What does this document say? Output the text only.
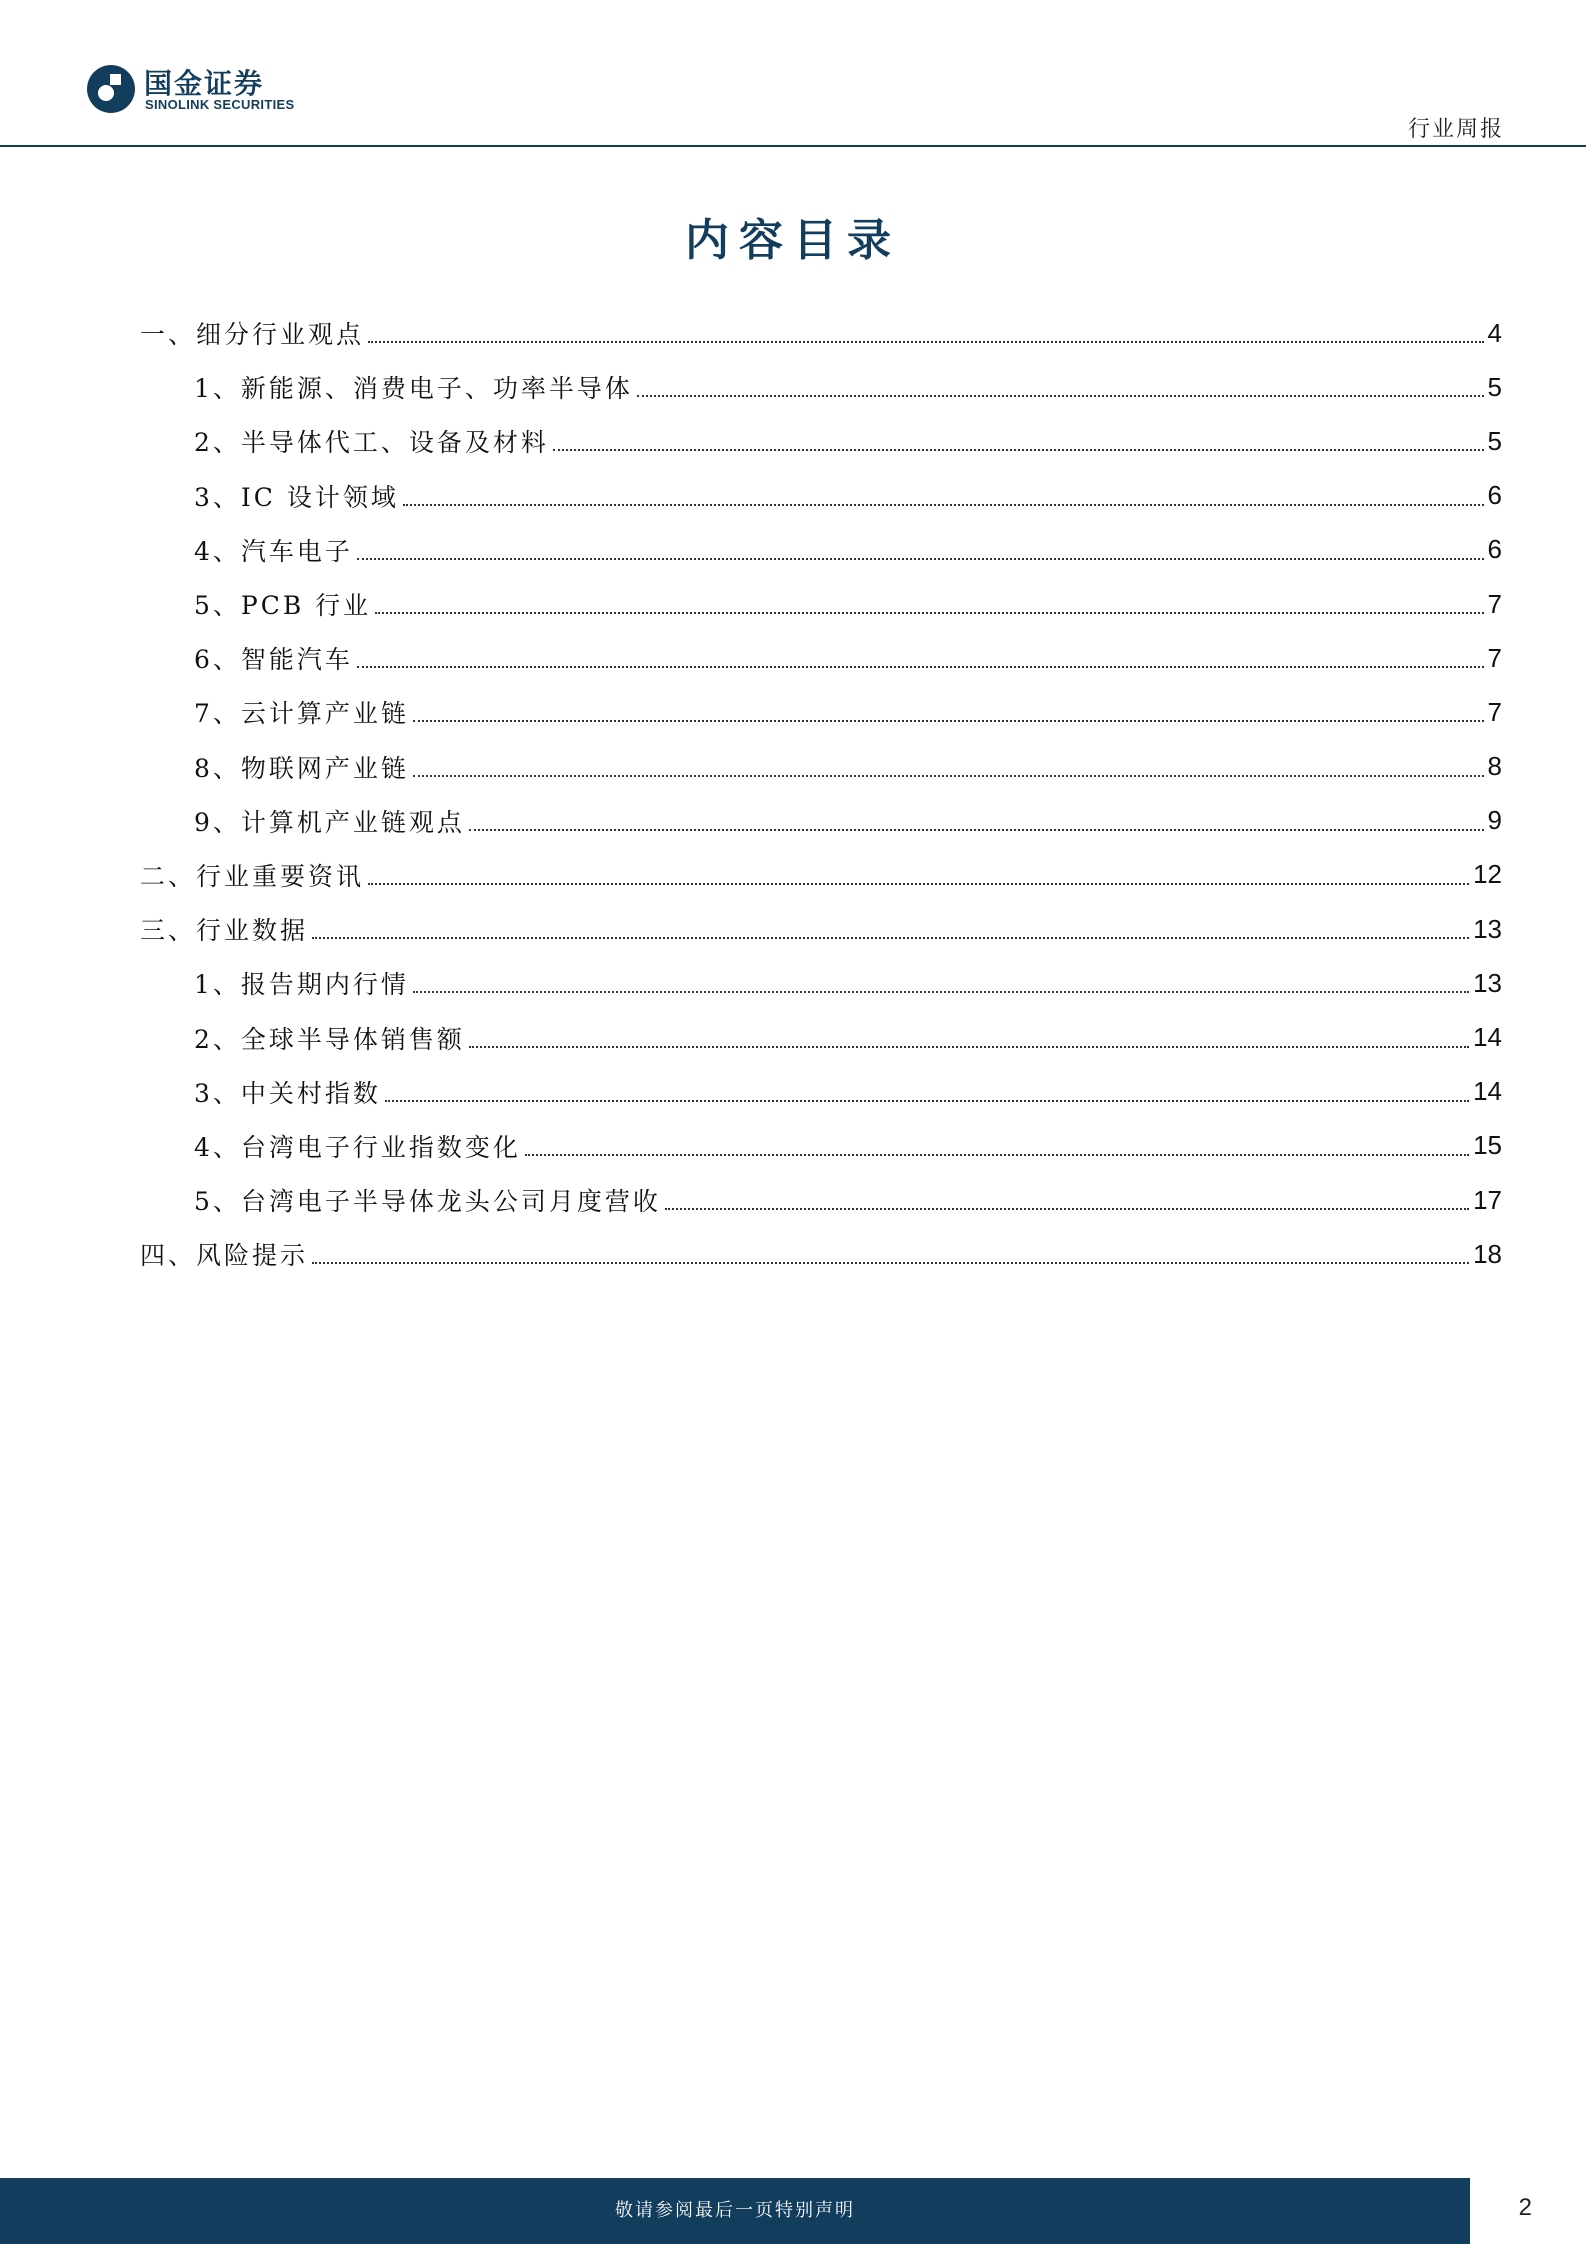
国金证券
SINOLINK SECURITIES
行业周报
内容目录
一、细分行业观点	4
1、新能源、消费电子、功率半导体	5
2、半导体代工、设备及材料	5
3、IC 设计领域	6
4、汽车电子	6
5、PCB 行业	7
6、智能汽车	7
7、云计算产业链	7
8、物联网产业链	8
9、计算机产业链观点	9
二、行业重要资讯	12
三、行业数据	13
1、报告期内行情	13
2、全球半导体销售额	14
3、中关村指数	14
4、台湾电子行业指数变化	15
5、台湾电子半导体龙头公司月度营收	17
四、风险提示	18
敬请参阅最后一页特别声明	2
